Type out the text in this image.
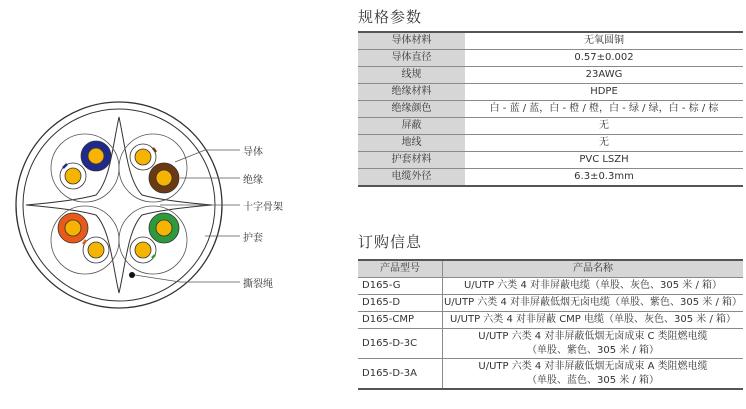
导体
绝缘
十字骨架
护套
撕裂绳
规格参数
导体材料	无氧圆铜
导体直径	0.57±0.002
线规	23AWG
绝缘材料	HDPE
绝缘颜色	白 - 蓝 / 蓝，白 - 橙 / 橙，白 - 绿 / 绿，白 - 棕 / 棕
屏蔽	无
地线	无
护套材料	PVC LSZH
电缆外径	6.3±0.3mm
订购信息
产品型号	产品名称
D165-G	U/UTP 六类 4 对非屏蔽电缆（单股、灰色、305 米 / 箱）

D165-D	U/UTP 六类 4 对非屏蔽低烟无卤电缆（单股、紫色、305 米 / 箱）

D165-CMP	U/UTP 六类 4 对非屏蔽 CMP 电缆（单股、灰色、305 米 / 箱）

D165-D-3C	U/UTP 六类 4 对非屏蔽低烟无卤成束 C 类阻燃电缆
（单股、紫色、305 米 / 箱）

D165-D-3A	U/UTP 六类 4 对非屏蔽低烟无卤成束 A 类阻燃电缆
（单股、蓝色、305 米 / 箱）
